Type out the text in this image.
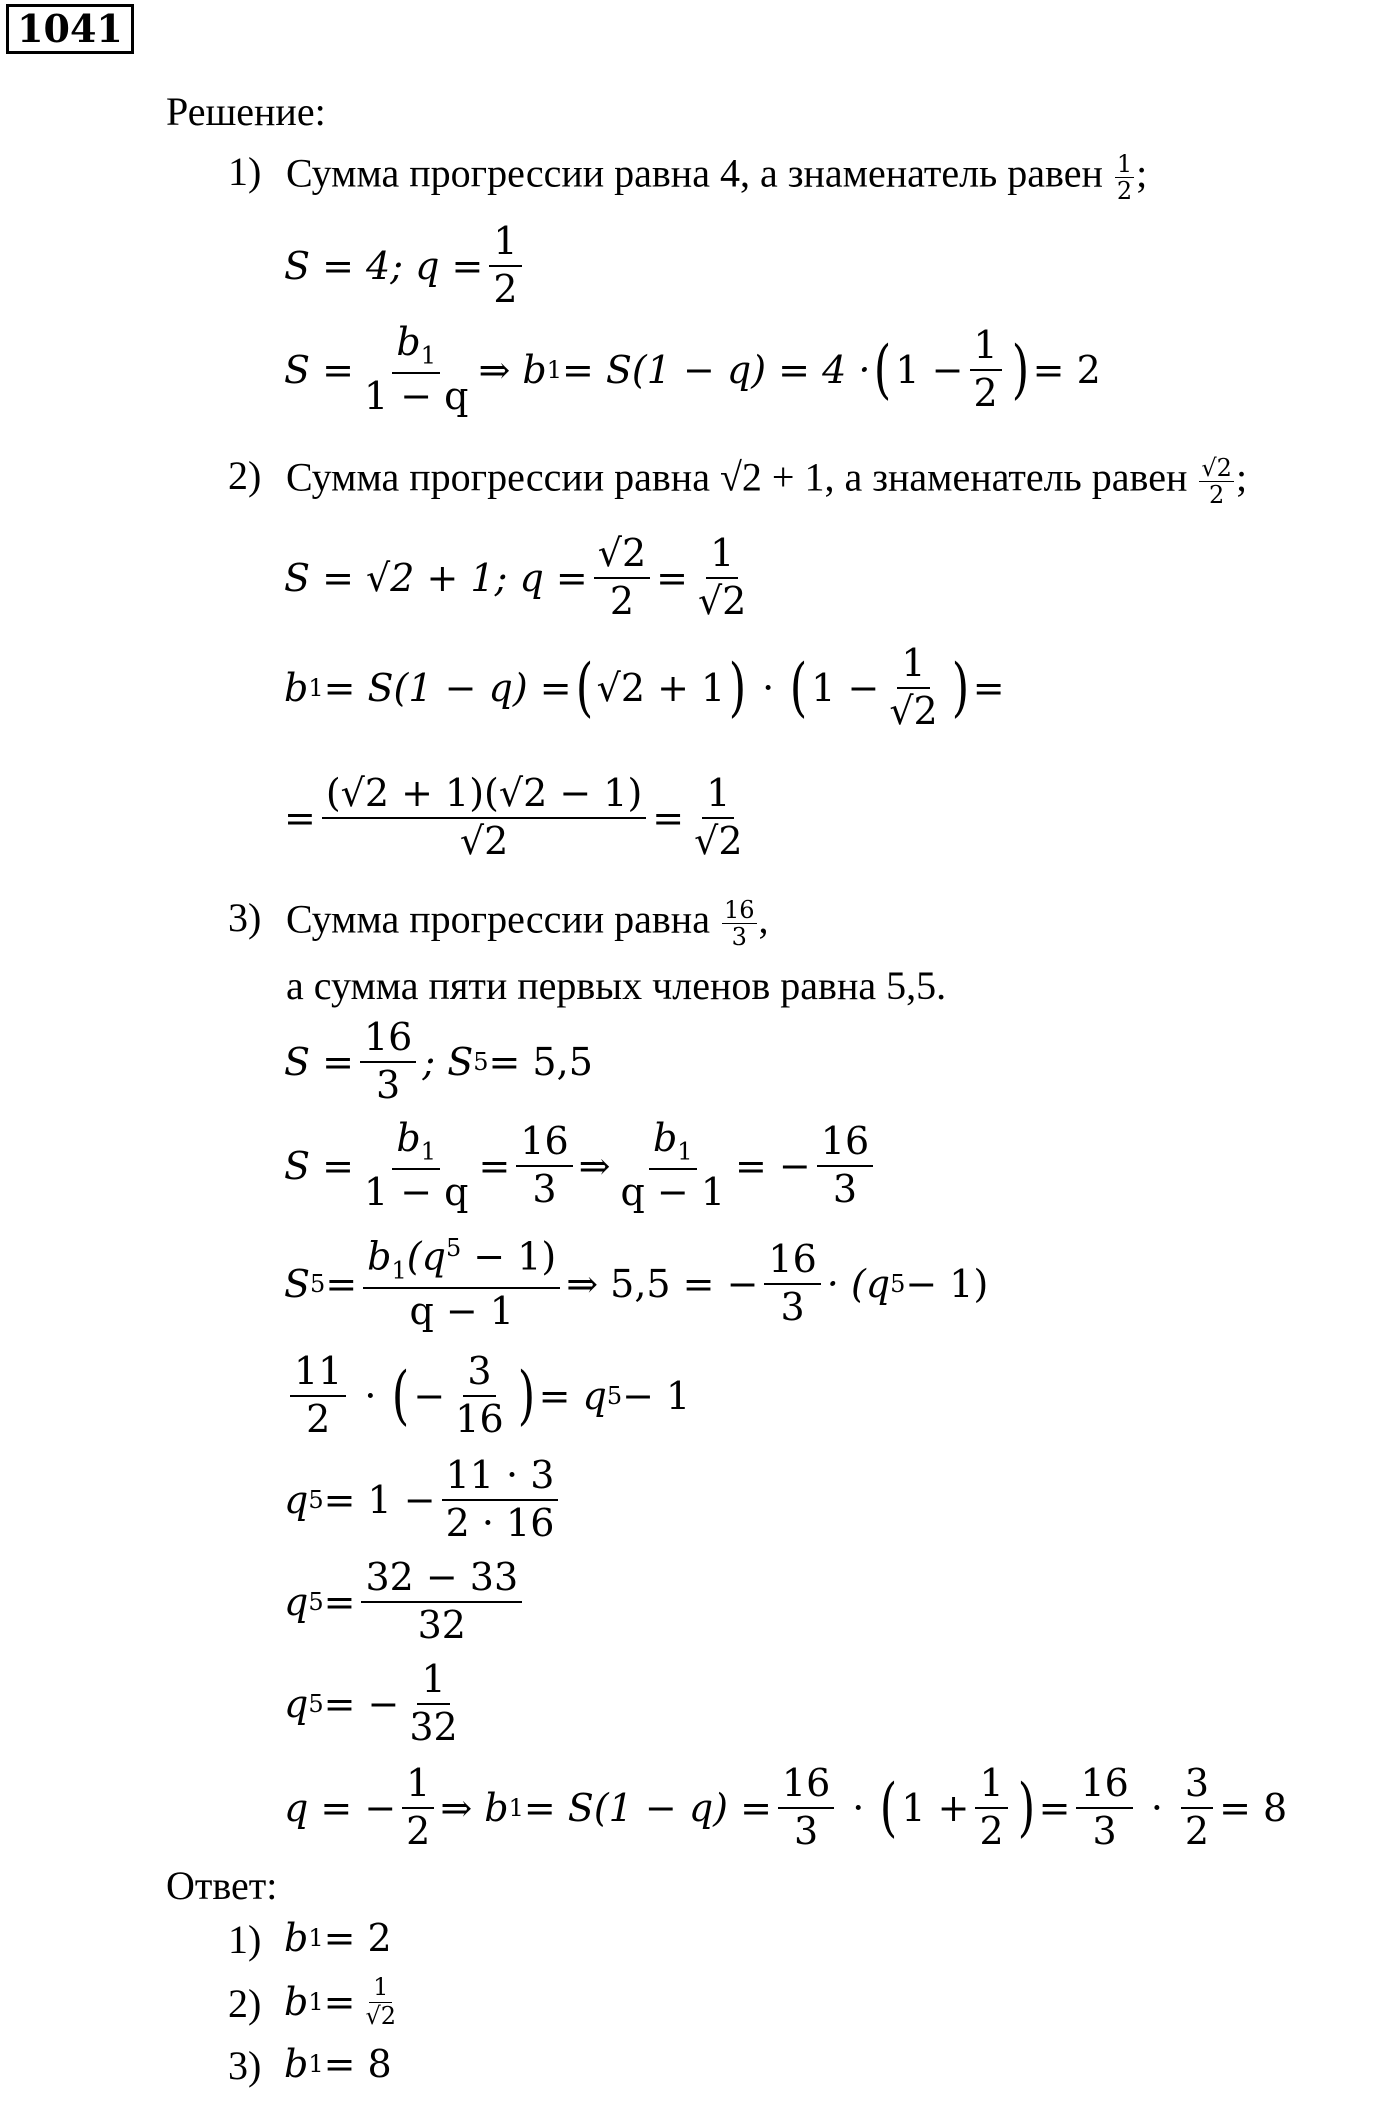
1041
Решение:
1) Сумма прогрессии равна 4, а знаменатель равен $\frac{1}{2}$ ;
S = 4; $q = \frac{1}{2}$
$S = \frac{b_1}{1 - q}$ ⇒ b 1 = S(1 − q) = 4 · ( $1 - \frac{1}{2}$ ) = 2
2) Сумма прогрессии равна √2 + 1, а знаменатель равен $\frac{√2}{2}$ ;
S = √2 + 1; $q = \frac{√2}{2} = \frac{1}{√2}$
b 1 = S(1 − q) = ( √2 + 1 ) · ( $1 - \frac{1}{√2}$ ) =
= $\frac{(√2 + 1)(√2 - 1)}{√2} = \frac{1}{√2}$
3) Сумма прогрессии равна $\frac{16}{3}$ ,
а сумма пяти первых членов равна 5,5.
$S = \frac{16}{3}$ ; S 5 = 5,5
$S = \frac{b_1}{1 - q} = \frac{16}{3}$ ⇒ $\frac{b_1}{q - 1}$ = − $\frac{16}{3}$
S $5 = \frac{b_1(q^5 - 1)}{q - 1}$ ⇒ 5,5 = − $\frac{16}{3} \cdot (q$ 5 − 1)
$\frac{11}{2}$ · ( − $\frac{3}{16}$ ) = q 5 − 1
q $5 = 1 - \frac{11 \cdot 3}{2 \cdot 16}$
q $5 = \frac{32 - 33}{32}$
q 5 = − $\frac{1}{32}$
q = − $\frac{1}{2}$ ⇒ b $1 = S(1 - q) = \frac{16}{3}$ · ( $1 + \frac{1}{2}$ ) = $\frac{16}{3} \cdot \frac{3}{2} = 8$
Ответ:
1) b 1 = 2
2) b $1 = \frac{1}{√2}$
3) b 1 = 8
